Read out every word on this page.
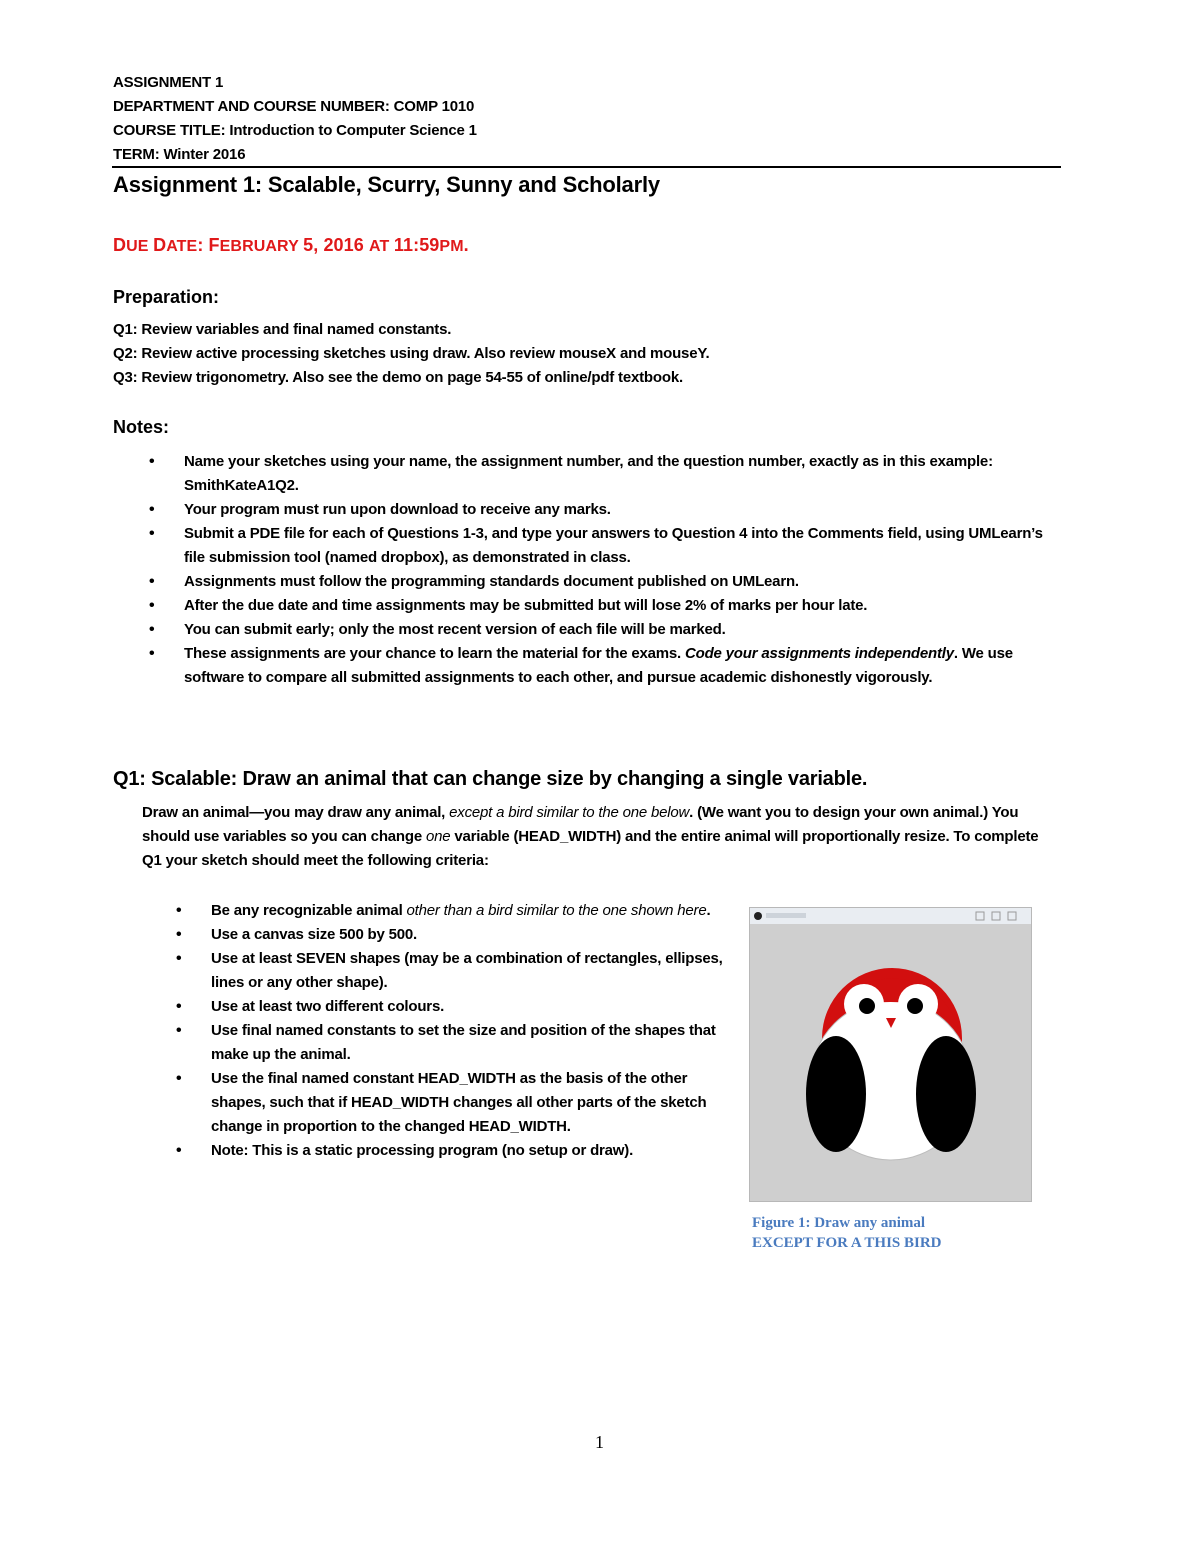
ASSIGNMENT 1
DEPARTMENT AND COURSE NUMBER: COMP 1010
COURSE TITLE: Introduction to Computer Science 1
TERM: Winter 2016
Assignment 1: Scalable, Scurry, Sunny and Scholarly
DUE DATE: FEBRUARY 5, 2016 AT 11:59PM.
Preparation:
Q1: Review variables and final named constants.
Q2: Review active processing sketches using draw. Also review mouseX and mouseY.
Q3: Review trigonometry. Also see the demo on page 54-55 of online/pdf textbook.
Notes:
• Name your sketches using your name, the assignment number, and the question number, exactly as in this example: SmithKateA1Q2.
• Your program must run upon download to receive any marks.
• Submit a PDE file for each of Questions 1-3, and type your answers to Question 4 into the Comments field, using UMLearn’s file submission tool (named dropbox), as demonstrated in class.
• Assignments must follow the programming standards document published on UMLearn.
• After the due date and time assignments may be submitted but will lose 2% of marks per hour late.
• You can submit early; only the most recent version of each file will be marked.
• These assignments are your chance to learn the material for the exams. Code your assignments independently. We use software to compare all submitted assignments to each other, and pursue academic dishonestly vigorously.
Q1: Scalable: Draw an animal that can change size by changing a single variable.
Draw an animal—you may draw any animal, except a bird similar to the one below. (We want you to design your own animal.) You should use variables so you can change one variable (HEAD_WIDTH) and the entire animal will proportionally resize. To complete Q1 your sketch should meet the following criteria:
• Be any recognizable animal other than a bird similar to the one shown here.
• Use a canvas size 500 by 500.
• Use at least SEVEN shapes (may be a combination of rectangles, ellipses, lines or any other shape).
• Use at least two different colours.
• Use final named constants to set the size and position of the shapes that make up the animal.
• Use the final named constant HEAD_WIDTH as the basis of the other shapes, such that if HEAD_WIDTH changes all other parts of the sketch change in proportion to the changed HEAD_WIDTH.
• Note: This is a static processing program (no setup or draw).
Figure 1: Draw any animal
EXCEPT FOR A THIS BIRD
1
